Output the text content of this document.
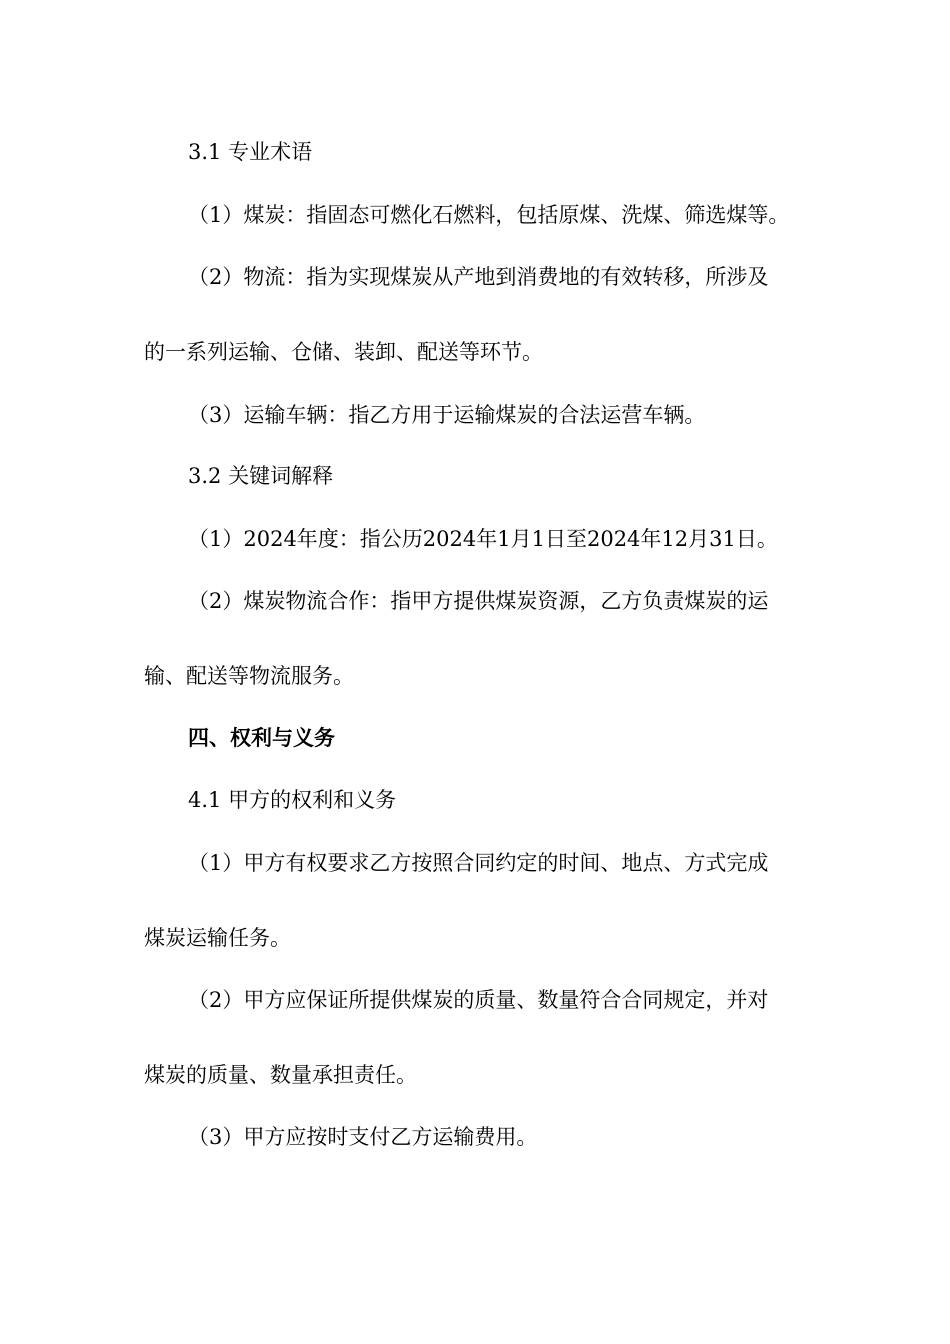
3.1 专业术语
（1）煤炭：指固态可燃化石燃料，包括原煤、洗煤、筛选煤等。
（2）物流：指为实现煤炭从产地到消费地的有效转移，所涉及
的一系列运输、仓储、装卸、配送等环节。
（3）运输车辆：指乙方用于运输煤炭的合法运营车辆。
3.2 关键词解释
（1）2024年度：指公历2024年1月1日至2024年12月31日。
（2）煤炭物流合作：指甲方提供煤炭资源，乙方负责煤炭的运
输、配送等物流服务。
四、权利与义务
4.1 甲方的权利和义务
（1）甲方有权要求乙方按照合同约定的时间、地点、方式完成
煤炭运输任务。
（2）甲方应保证所提供煤炭的质量、数量符合合同规定，并对
煤炭的质量、数量承担责任。
（3）甲方应按时支付乙方运输费用。
